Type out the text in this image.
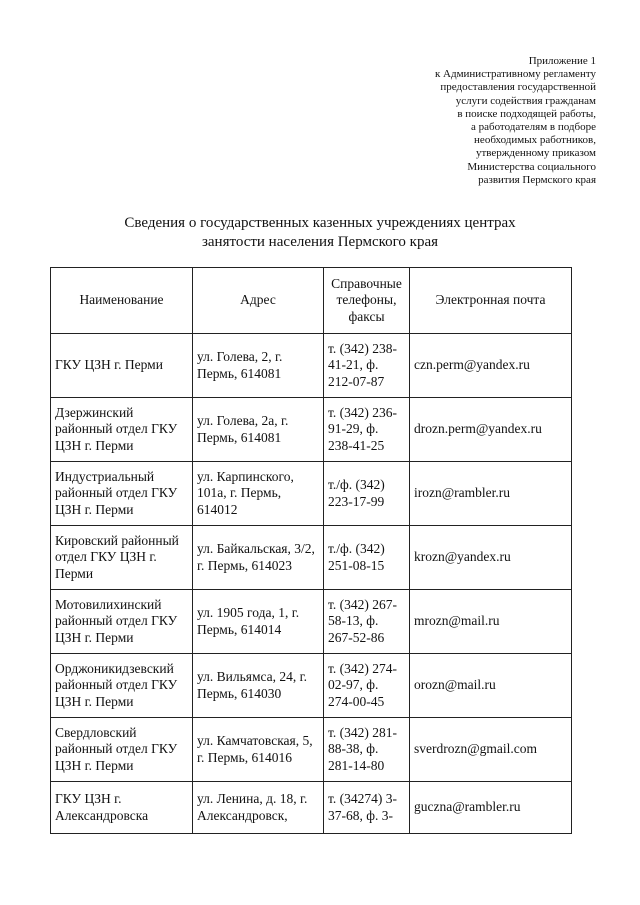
Приложение 1
к Административному регламенту
предоставления государственной
услуги содействия гражданам
в поиске подходящей работы,
а работодателям в подборе
необходимых работников,
утвержденному приказом
Министерства социального
развития Пермского края
Сведения о государственных казенных учреждениях центрах
занятости населения Пермского края
Наименование	Адрес	Справочные телефоны, факсы	Электронная почта
ГКУ ЦЗН г. Перми	ул. Голева, 2, г. Пермь, 614081	т. (342) 238-41-21, ф. 212-07-87	czn.perm@yandex.ru
Дзержинский районный отдел ГКУ ЦЗН г. Перми	ул. Голева, 2а, г. Пермь, 614081	т. (342) 236-91-29, ф. 238-41-25	drozn.perm@yandex.ru
Индустриальный районный отдел ГКУ ЦЗН г. Перми	ул. Карпинского, 101а, г. Пермь, 614012	т./ф. (342) 223-17-99	irozn@rambler.ru
Кировский районный отдел ГКУ ЦЗН г. Перми	ул. Байкальская, 3/2, г. Пермь, 614023	т./ф. (342) 251-08-15	krozn@yandex.ru
Мотовилихинский районный отдел ГКУ ЦЗН г. Перми	ул. 1905 года, 1, г. Пермь, 614014	т. (342) 267-58-13, ф. 267-52-86	mrozn@mail.ru
Орджоникидзевский районный отдел ГКУ ЦЗН г. Перми	ул. Вильямса, 24, г. Пермь, 614030	т. (342) 274-02-97, ф. 274-00-45	orozn@mail.ru
Свердловский районный отдел ГКУ ЦЗН г. Перми	ул. Камчатовская, 5, г. Пермь, 614016	т. (342) 281-88-38, ф. 281-14-80	sverdrozn@gmail.com
ГКУ ЦЗН г. Александровска	ул. Ленина, д. 18, г. Александровск,	т. (34274) 3-37-68, ф. 3-	guczna@rambler.ru
